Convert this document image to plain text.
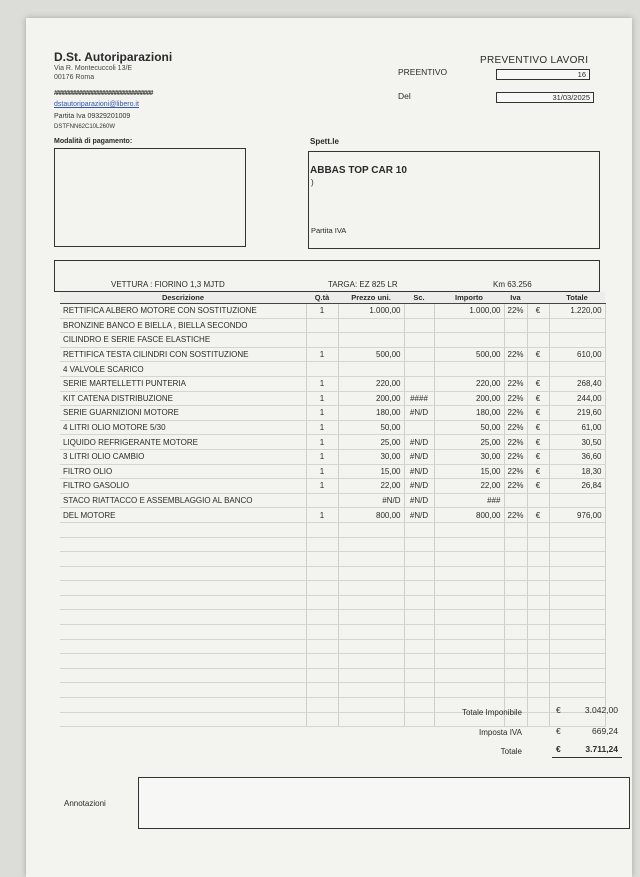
D.St. Autoriparazioni
Via R. Montecuccoli 13/E
00176 Roma
##################################
dstautoriparazioni@libero.it
Partita Iva 09329201009
DSTFNN62C10L260W
Modalità di pagamento:
PREVENTIVO LAVORI
PREENTIVO	16
Del	31/03/2025
Spett.le
ABBAS TOP CAR 10
)
Partita IVA
VETTURA : FIORINO 1,3 MJTD	TARGA: EZ 825 LR	Km 63.256
Descrizione	Q.tà	Prezzo uni.	Sc.	Importo	Iva		Totale
RETTIFICA ALBERO MOTORE CON SOSTITUZIONE	1	1.000,00		1.000,00	22%	€	1.220,00
BRONZINE BANCO E BIELLA , BIELLA SECONDO							
CILINDRO E SERIE FASCE ELASTICHE							
RETTIFICA TESTA CILINDRI CON SOSTITUZIONE	1	500,00		500,00	22%	€	610,00
4 VALVOLE SCARICO							
SERIE MARTELLETTI PUNTERIA	1	220,00		220,00	22%	€	268,40
KIT CATENA DISTRIBUZIONE	1	200,00	####	200,00	22%	€	244,00
SERIE GUARNIZIONI MOTORE	1	180,00	#N/D	180,00	22%	€	219,60
4 LITRI OLIO MOTORE 5/30	1	50,00		50,00	22%	€	61,00
LIQUIDO REFRIGERANTE MOTORE	1	25,00	#N/D	25,00	22%	€	30,50
3 LITRI OLIO CAMBIO	1	30,00	#N/D	30,00	22%	€	36,60
FILTRO OLIO	1	15,00	#N/D	15,00	22%	€	18,30
FILTRO GASOLIO	1	22,00	#N/D	22,00	22%	€	26,84
STACO RIATTACCO E ASSEMBLAGGIO AL BANCO		#N/D	#N/D	###			
DEL MOTORE	1	800,00	#N/D	800,00	22%	€	976,00

Totale Imponibile	€	3.042,00
Imposta IVA	€	669,24
Totale	€	3.711,24
Annotazioni
